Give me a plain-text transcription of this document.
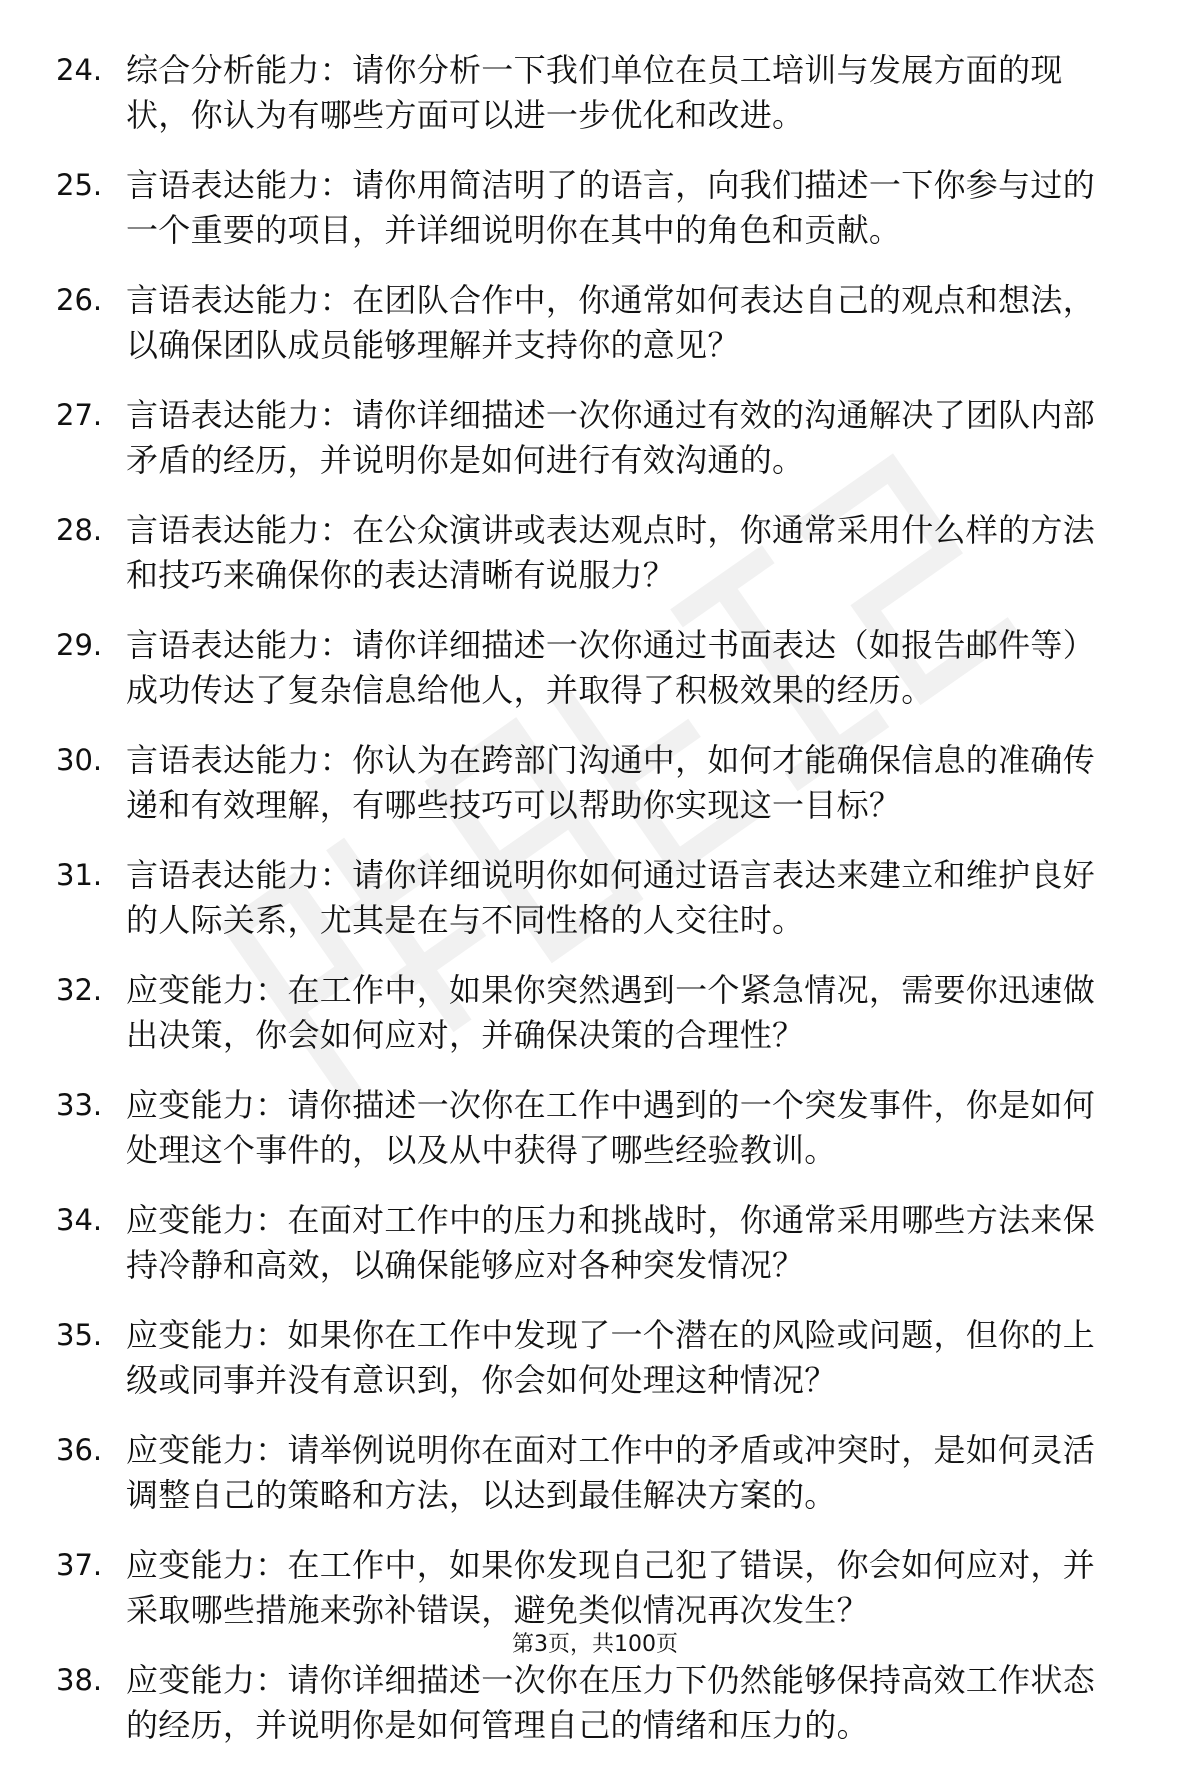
24. 综合分析能力：请你分析一下我们单位在员工培训与发展方面的现状，你认为有哪些方面可以进一步优化和改进。
25. 言语表达能力：请你用简洁明了的语言，向我们描述一下你参与过的一个重要的项目，并详细说明你在其中的角色和贡献。
26. 言语表达能力：在团队合作中，你通常如何表达自己的观点和想法，以确保团队成员能够理解并支持你的意见？
27. 言语表达能力：请你详细描述一次你通过有效的沟通解决了团队内部矛盾的经历，并说明你是如何进行有效沟通的。
28. 言语表达能力：在公众演讲或表达观点时，你通常采用什么样的方法和技巧来确保你的表达清晰有说服力？
29. 言语表达能力：请你详细描述一次你通过书面表达（如报告邮件等）成功传达了复杂信息给他人，并取得了积极效果的经历。
30. 言语表达能力：你认为在跨部门沟通中，如何才能确保信息的准确传递和有效理解，有哪些技巧可以帮助你实现这一目标？
31. 言语表达能力：请你详细说明你如何通过语言表达来建立和维护良好的人际关系，尤其是在与不同性格的人交往时。
32. 应变能力：在工作中，如果你突然遇到一个紧急情况，需要你迅速做出决策，你会如何应对，并确保决策的合理性？
33. 应变能力：请你描述一次你在工作中遇到的一个突发事件，你是如何处理这个事件的，以及从中获得了哪些经验教训。
34. 应变能力：在面对工作中的压力和挑战时，你通常采用哪些方法来保持冷静和高效，以确保能够应对各种突发情况？
35. 应变能力：如果你在工作中发现了一个潜在的风险或问题，但你的上级或同事并没有意识到，你会如何处理这种情况？
36. 应变能力：请举例说明你在面对工作中的矛盾或冲突时，是如何灵活调整自己的策略和方法，以达到最佳解决方案的。
37. 应变能力：在工作中，如果你发现自己犯了错误，你会如何应对，并采取哪些措施来弥补错误，避免类似情况再次发生？
38. 应变能力：请你详细描述一次你在压力下仍然能够保持高效工作状态的经历，并说明你是如何管理自己的情绪和压力的。
第3页，共100页
